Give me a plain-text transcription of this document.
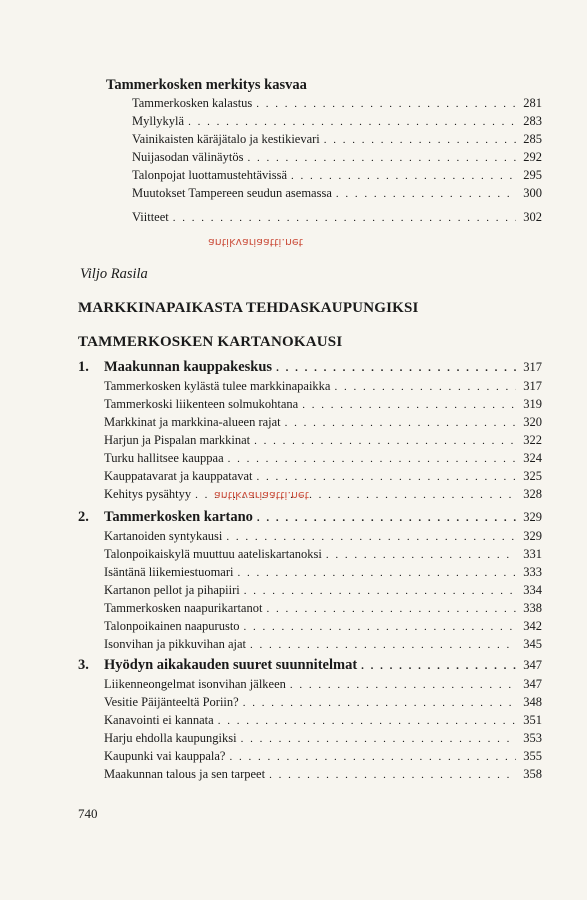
Tammerkosken merkitys kasvaa
Tammerkosken kalastus . . .	281
Myllykylä . . .	283
Vainikaisten käräjätalo ja kestikievari . . .	285
Nuijasodan välinäytös . . .	292
Talonpojat luottamustehtävissä . . .	295
Muutokset Tampereen seudun asemassa . . .	300
Viitteet . . .	302
antikvariaatti.net
Viljo Rasila
MARKKINAPAIKASTA TEHDASKAUPUNGIKSI
TAMMERKOSKEN KARTANOKAUSI
1. Maakunnan kauppakeskus . . .	317
Tammerkosken kylästä tulee markkinapaikka . . .	317
Tammerkoski liikenteen solmukohtana . . .	319
Markkinat ja markkina-alueen rajat . . .	320
Harjun ja Pispalan markkinat . . .	322
Turku hallitsee kauppaa . . .	324
Kauppatavarat ja kauppatavat . . .	325
Kehitys pysähtyy . . .	328
antikvariaatti.net
2. Tammerkosken kartano . . .	329
Kartanoiden syntykausi . . .	329
Talonpoikaiskylä muuttuu aateliskartanoksi . . .	331
Isäntänä liikemiestuomari . . .	333
Kartanon pellot ja pihapiiri . . .	334
Tammerkosken naapurikartanot . . .	338
Talonpoikainen naapurusto . . .	342
Isonvihan ja pikkuvihan ajat . . .	345
3. Hyödyn aikakauden suuret suunnitelmat . . .	347
Liikenneongelmat isonvihan jälkeen . . .	347
Vesitie Päijänteeltä Poriin? . . .	348
Kanavointi ei kannata . . .	351
Harju ehdolla kaupungiksi . . .	353
Kaupunki vai kauppala? . . .	355
Maakunnan talous ja sen tarpeet . . .	358
740
